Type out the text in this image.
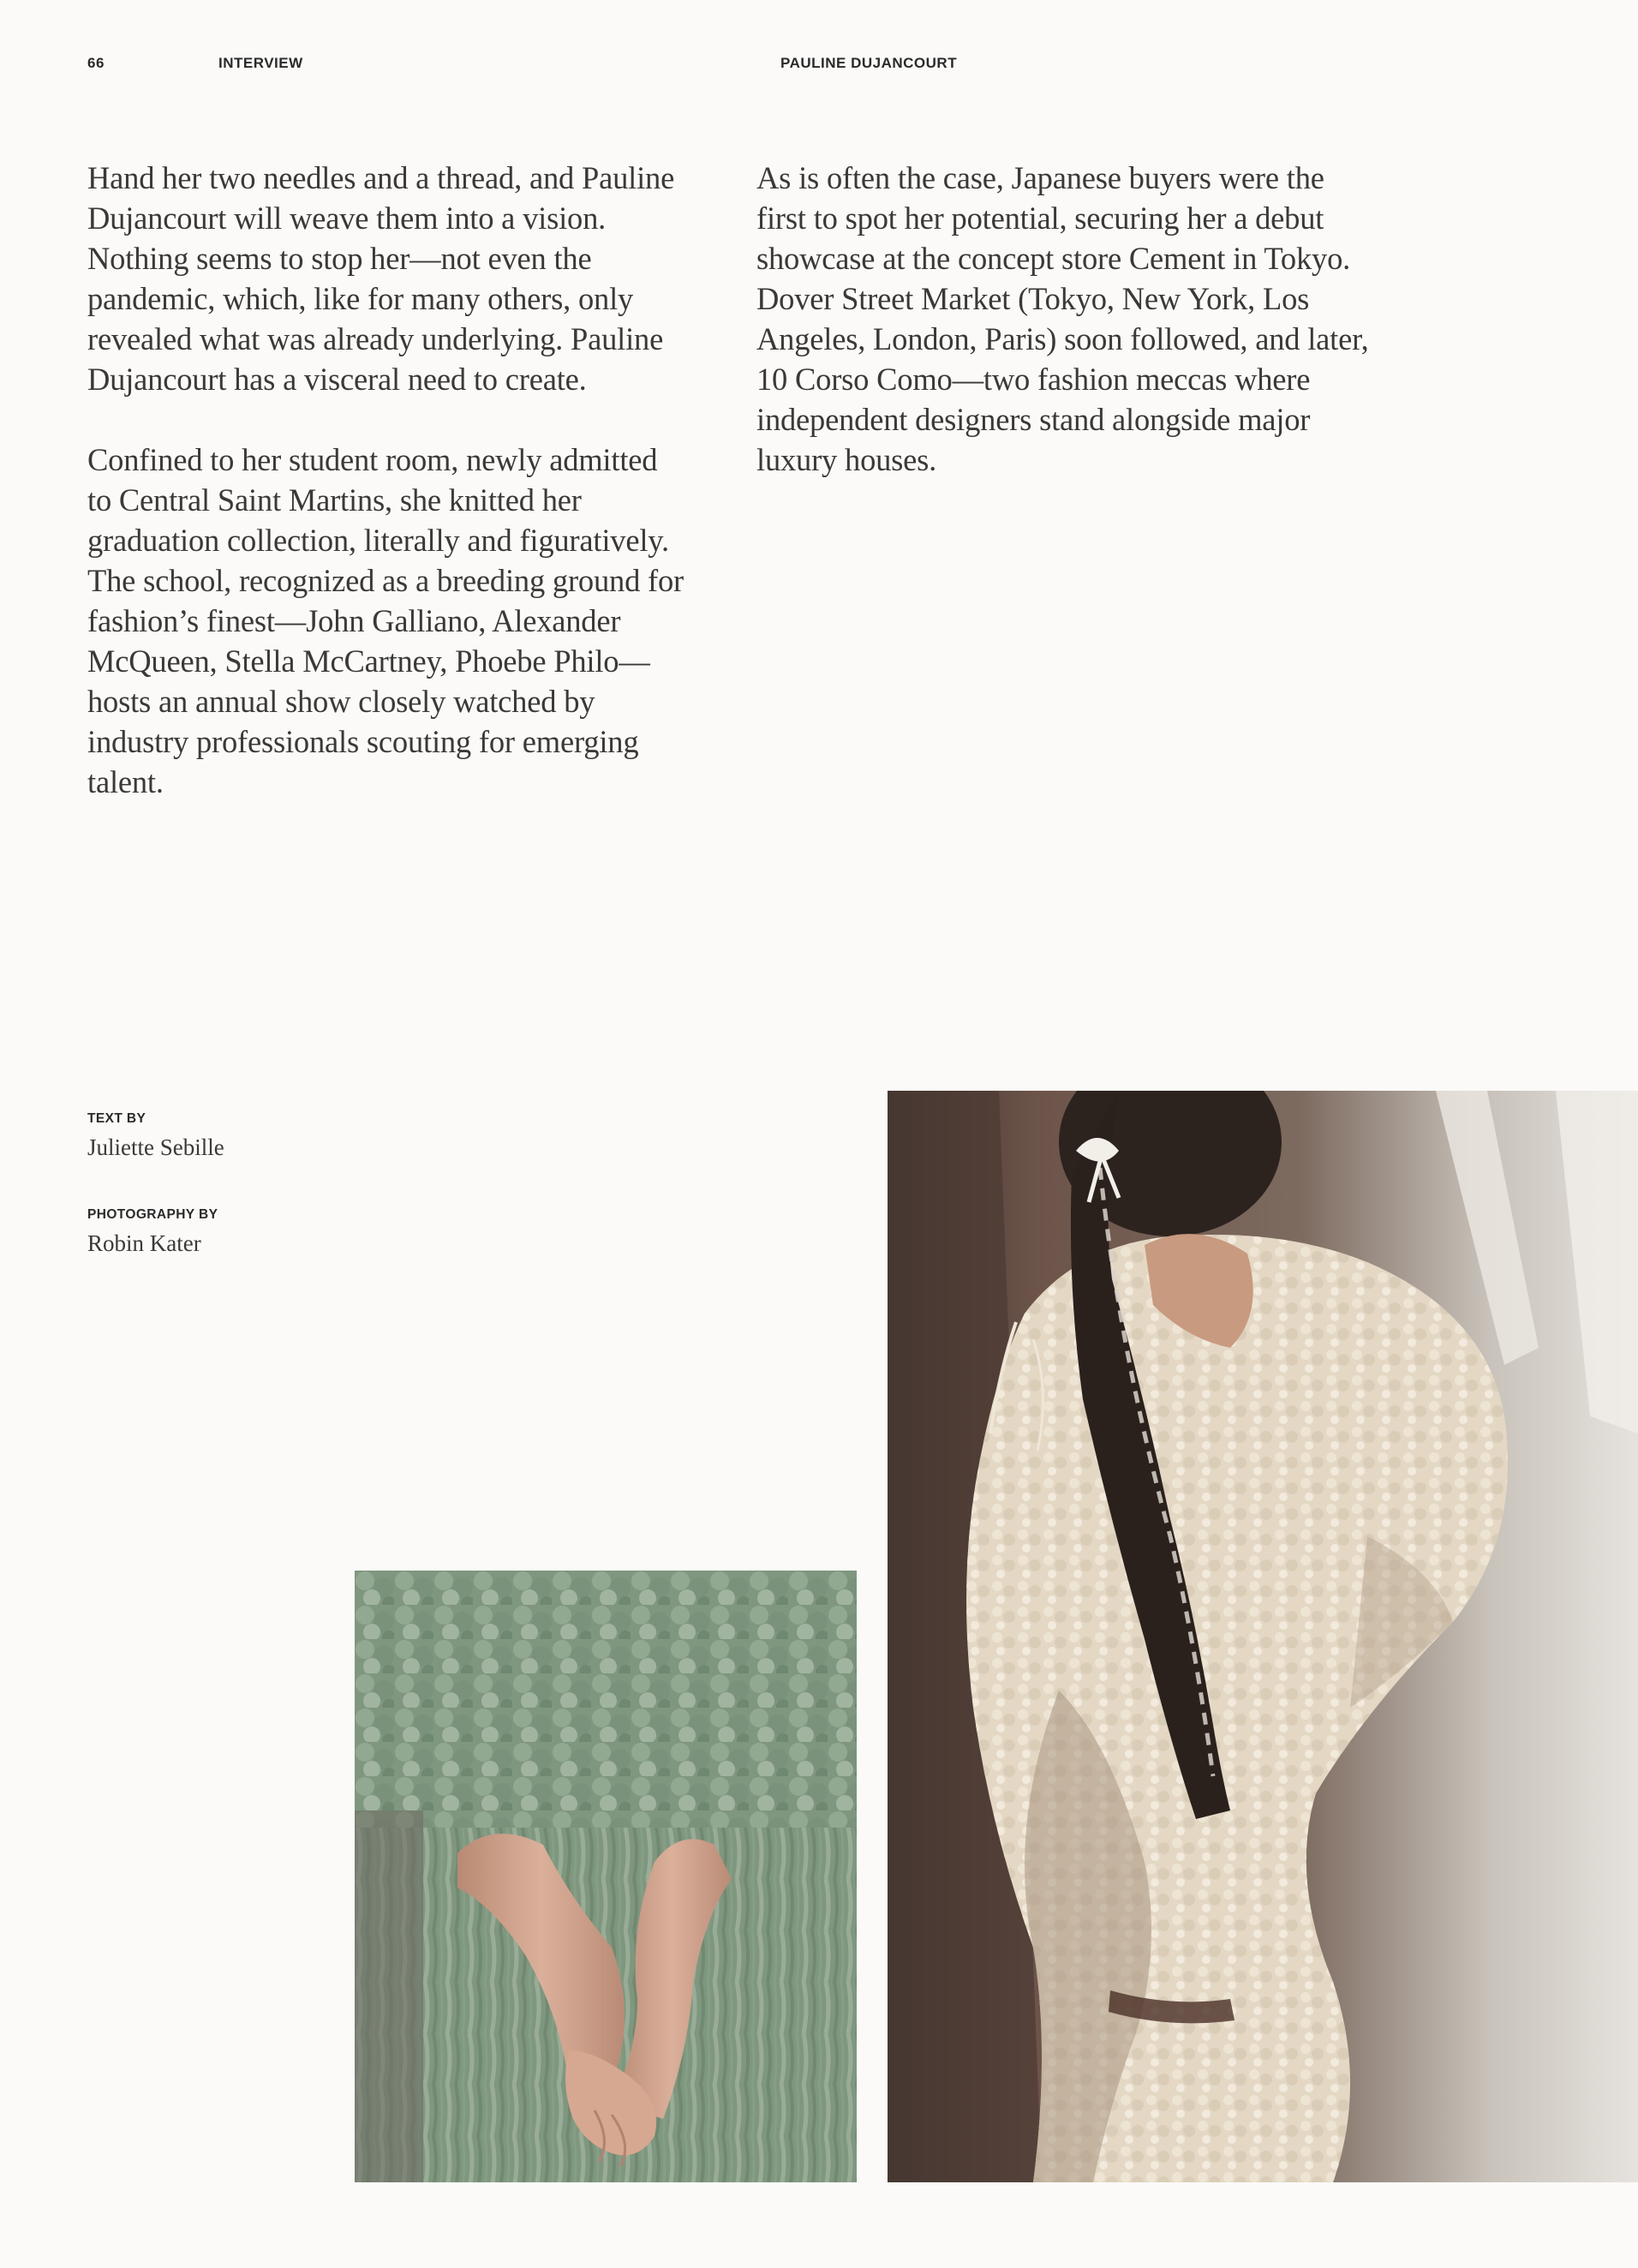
66	INTERVIEW	PAULINE DUJANCOURT

Hand her two needles and a thread, and Pauline Dujancourt will weave them into a vision. Nothing seems to stop her—not even the pandemic, which, like for many others, only revealed what was already underlying. Pauline Dujancourt has a visceral need to create.

Confined to her student room, newly admitted to Central Saint Martins, she knitted her graduation collection, literally and figuratively. The school, recognized as a breeding ground for fashion’s finest—John Galliano, Alexander McQueen, Stella McCartney, Phoebe Philo—hosts an annual show closely watched by industry professionals scouting for emerging talent.

As is often the case, Japanese buyers were the first to spot her potential, securing her a debut showcase at the concept store Cement in Tokyo. Dover Street Market (Tokyo, New York, Los Angeles, London, Paris) soon followed, and later, 10 Corso Como—two fashion meccas where independent designers stand alongside major luxury houses.

TEXT BY
Juliette Sebille
PHOTOGRAPHY BY
Robin Kater
